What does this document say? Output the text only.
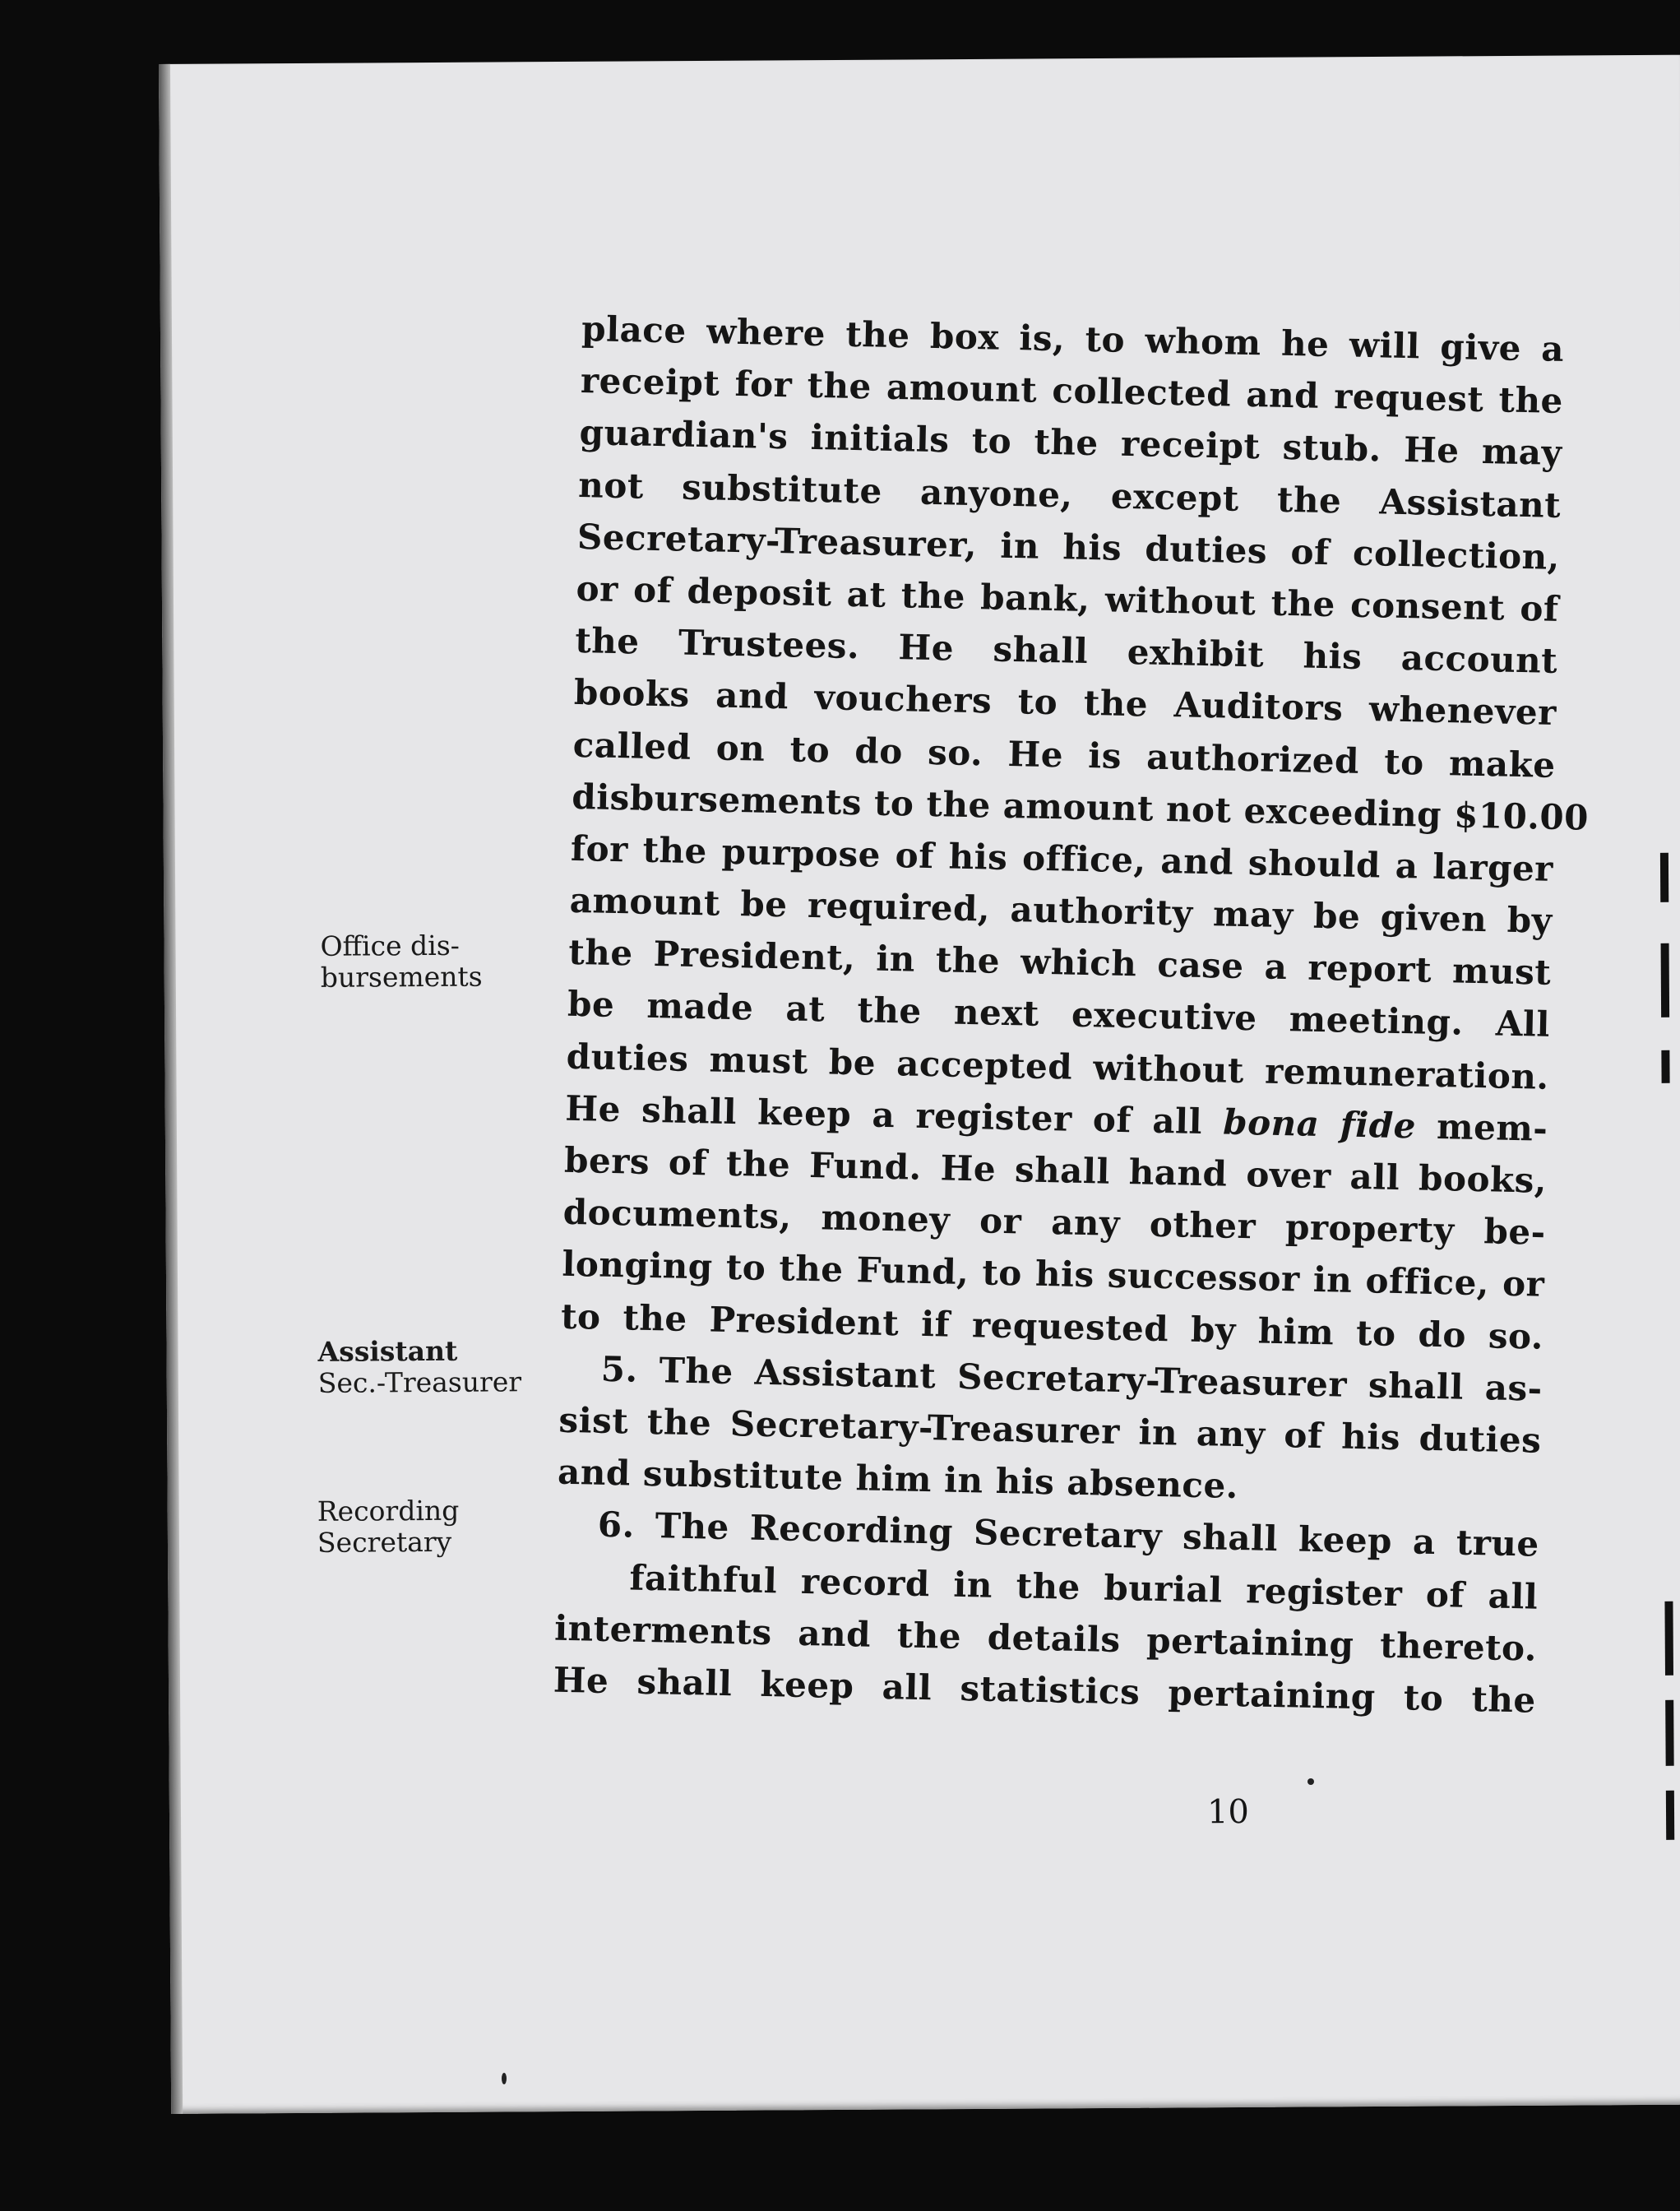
Office dis-
bursements
Assistant
Sec.-Treasurer
Recording
Secretary
10
place where the box is, to whom he will give a
receipt for the amount collected and request the
guardian's initials to the receipt stub. He may
not substitute anyone, except the Assistant
Secretary-Treasurer, in his duties of collection,
or of deposit at the bank, without the consent of
the Trustees. He shall exhibit his account
books and vouchers to the Auditors whenever
called on to do so. He is authorized to make
disbursements to the amount not exceeding $10.00
for the purpose of his office, and should a larger
amount be required, authority may be given by
the President, in the which case a report must
be made at the next executive meeting. All
duties must be accepted without remuneration.
He shall keep a register of all bona fide mem-
bers of the Fund. He shall hand over all books,
documents, money or any other property be-
longing to the Fund, to his successor in office, or
to the President if requested by him to do so.
5. The Assistant Secretary-Treasurer shall as-
sist the Secretary-Treasurer in any of his duties
and substitute him in his absence.
6. The Recording Secretary shall keep a true
faithful record in the burial register of all
interments and the details pertaining thereto.
He shall keep all statistics pertaining to the
